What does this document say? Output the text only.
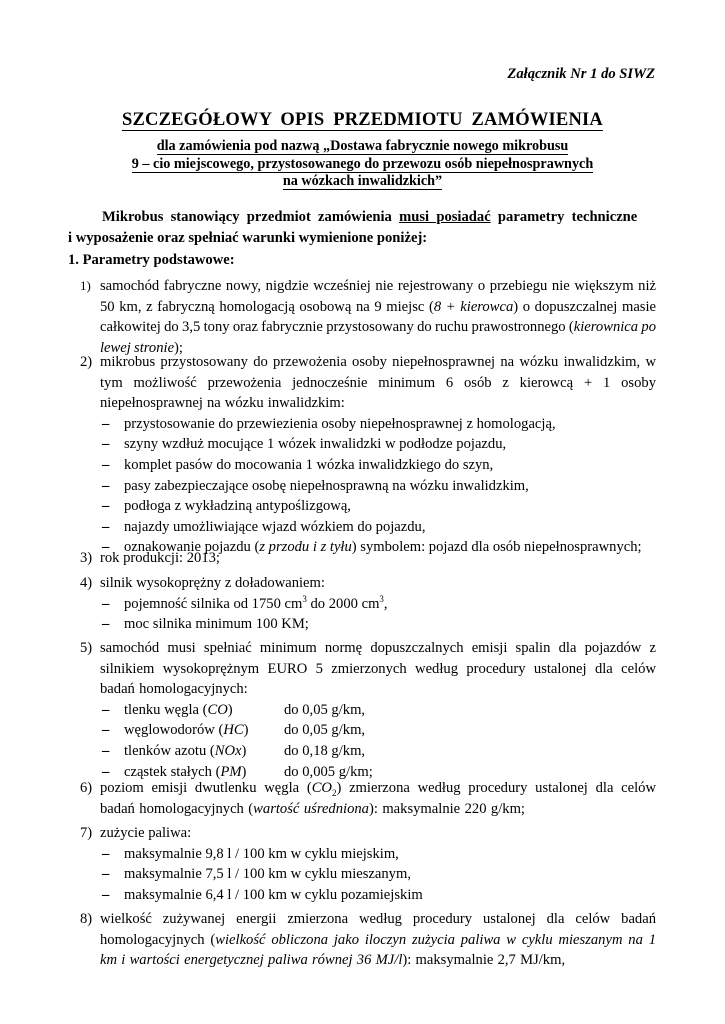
Załącznik Nr 1 do SIWZ
SZCZEGÓŁOWY OPIS PRZEDMIOTU ZAMÓWIENIA
dla zamówienia pod nazwą „Dostawa fabrycznie nowego mikrobusu
9 – cio miejscowego, przystosowanego do przewozu osób niepełnosprawnych
na wózkach inwalidzkich”
Mikrobus stanowiący przedmiot zamówienia musi posiadać parametry techniczne
i wyposażenie oraz spełniać warunki wymienione poniżej:
1. Parametry podstawowe:
1) samochód fabryczne nowy, nigdzie wcześniej nie rejestrowany o przebiegu nie większym niż 50 km, z fabryczną homologacją osobową na 9 miejsc (8 + kierowca) o dopuszczalnej masie całkowitej do 3,5 tony oraz fabrycznie przystosowany do ruchu prawostronnego (kierownica po lewej stronie);
2) mikrobus przystosowany do przewożenia osoby niepełnosprawnej na wózku inwalidzkim, w tym możliwość przewożenia jednocześnie minimum 6 osób z kierowcą + 1 osoby niepełnosprawnej na wózku inwalidzkim:
– przystosowanie do przewiezienia osoby niepełnosprawnej z homologacją,
– szyny wzdłuż mocujące 1 wózek inwalidzki w podłodze pojazdu,
– komplet pasów do mocowania 1 wózka inwalidzkiego do szyn,
– pasy zabezpieczające osobę niepełnosprawną na wózku inwalidzkim,
– podłoga z wykładziną antypoślizgową,
– najazdy umożliwiające wjazd wózkiem do pojazdu,
– oznakowanie pojazdu (z przodu i z tyłu) symbolem: pojazd dla osób niepełnosprawnych;
3) rok produkcji: 2013;
4) silnik wysokoprężny z doładowaniem:
– pojemność silnika od 1750 $cm^3$ do 2000 $cm^3$,
– moc silnika minimum 100 KM;
5) samochód musi spełniać minimum normę dopuszczalnych emisji spalin dla pojazdów z silnikiem wysokoprężnym EURO 5 zmierzonych według procedury ustalonej dla celów badań homologacyjnych:
– tlenku węgla (CO)	do 0,05 g/km,
– węglowodorów (HC) do 0,05 g/km,
– tlenków azotu (NOx)	do 0,18 g/km,
– cząstek stałych (PM)	do 0,005 g/km;
6) poziom emisji dwutlenku węgla $(CO_2)$ zmierzona według procedury ustalonej dla celów badań homologacyjnych (wartość uśredniona): maksymalnie 220 g/km;
7) zużycie paliwa:
– maksymalnie 9,8 l / 100 km w cyklu miejskim,
– maksymalnie 7,5 l / 100 km w cyklu mieszanym,
– maksymalnie 6,4 l / 100 km w cyklu pozamiejskim
8) wielkość zużywanej energii zmierzona według procedury ustalonej dla celów badań homologacyjnych (wielkość obliczona jako iloczyn zużycia paliwa w cyklu mieszanym na 1 km i wartości energetycznej paliwa równej 36 MJ/l): maksymalnie 2,7 MJ/km,
